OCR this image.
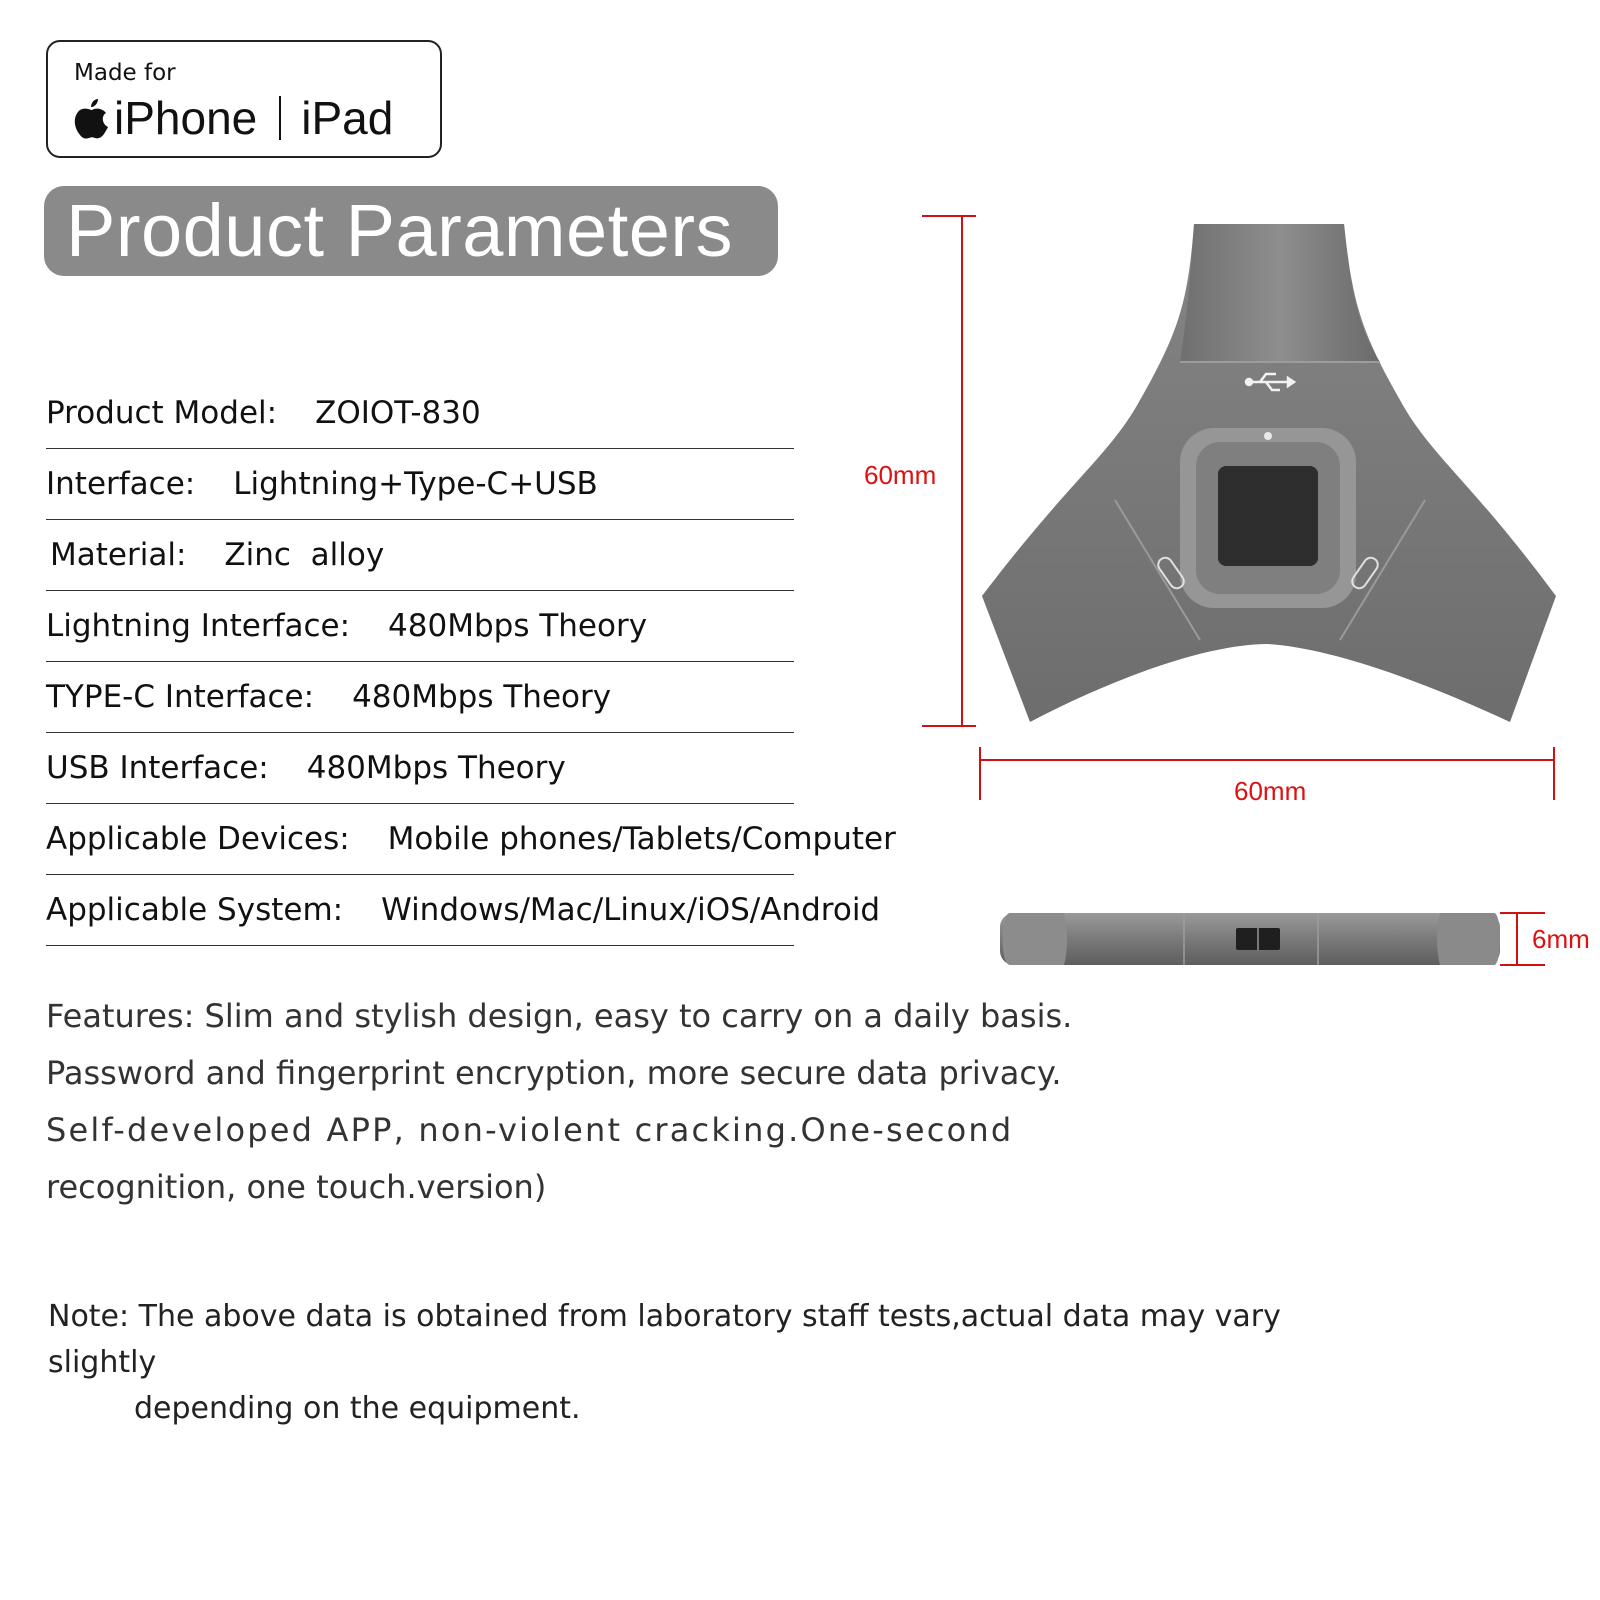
Made for
iPhone iPad
Product Parameters
Product Model: ZOIOT-830
Interface: Lightning+Type-C+USB
Material: Zinc  alloy
Lightning Interface: 480Mbps Theory
TYPE-C Interface: 480Mbps Theory
USB Interface: 480Mbps Theory
Applicable Devices: Mobile phones/Tablets/Computer
Applicable System: Windows/Mac/Linux/iOS/Android
60mm
60mm
6mm
Features: Slim and stylish design, easy to carry on a daily basis.
Password and fingerprint encryption, more secure data privacy.
Self-developed APP, non-violent cracking.One-second
recognition, one touch.version)
Note: The above data is obtained from laboratory staff tests,actual data may vary slightly
depending on the equipment.
